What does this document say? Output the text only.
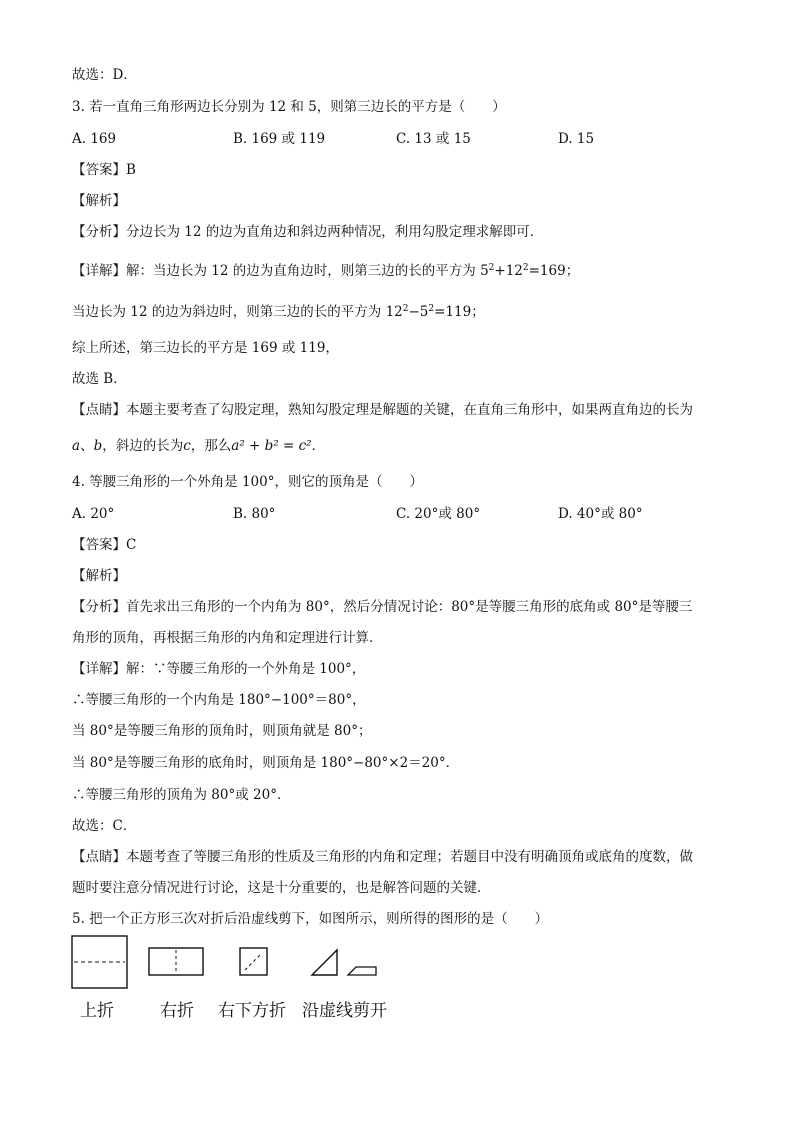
故选：D．
3. 若一直角三角形两边长分别为 12 和 5，则第三边长的平方是（　　）
A. 169	B. 169 或 119	C. 13 或 15	D. 15
【答案】B
【解析】
【分析】分边长为 12 的边为直角边和斜边两种情况，利用勾股定理求解即可．
【详解】解：当边长为 12 的边为直角边时，则第三边的长的平方为 $5^2+12^2=169$；
当边长为 12 的边为斜边时，则第三边的长的平方为 $12^2-5^2=119$；
综上所述，第三边长的平方是 169 或 119，
故选 B．
【点睛】本题主要考查了勾股定理，熟知勾股定理是解题的关键，在直角三角形中，如果两直角边的长为
a、b，斜边的长为c，那么a² + b² = c²．
4. 等腰三角形的一个外角是 100°，则它的顶角是（　　）
A. 20°	B. 80°	C. 20°或 80°	D. 40°或 80°
【答案】C
【解析】
【分析】首先求出三角形的一个内角为 80°，然后分情况讨论：80°是等腰三角形的底角或 80°是等腰三
角形的顶角，再根据三角形的内角和定理进行计算．
【详解】解：∵等腰三角形的一个外角是 100°，
∴等腰三角形的一个内角是 180°−100°＝80°，
当 80°是等腰三角形的顶角时，则顶角就是 80°；
当 80°是等腰三角形的底角时，则顶角是 180°−80°×2＝20°．
∴等腰三角形的顶角为 80°或 20°．
故选：C．
【点睛】本题考查了等腰三角形的性质及三角形的内角和定理；若题目中没有明确顶角或底角的度数，做
题时要注意分情况进行讨论，这是十分重要的，也是解答问题的关键．
5. 把一个正方形三次对折后沿虚线剪下，如图所示，则所得的图形的是（　　）
上折	右折 右下方折 沿虚线剪开
